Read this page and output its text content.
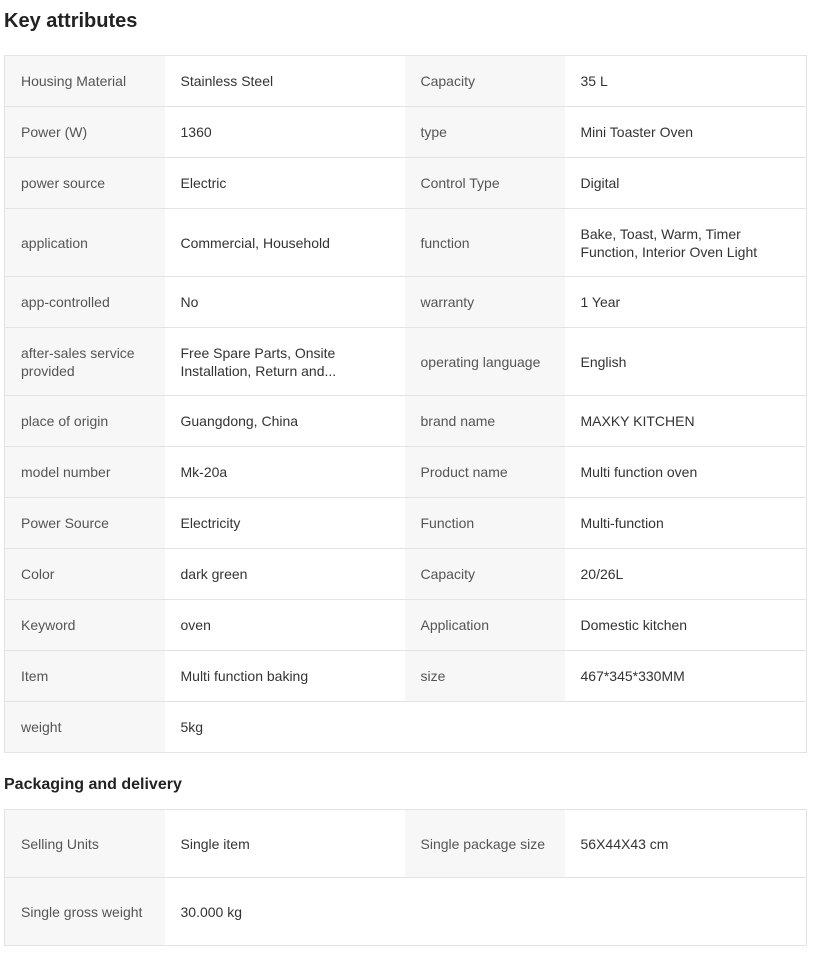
Key attributes
Housing Material	Stainless Steel	Capacity	35 L
Power (W)	1360	type	Mini Toaster Oven
power source	Electric	Control Type	Digital
application	Commercial, Household	function	Bake, Toast, Warm, Timer Function, Interior Oven Light
app-controlled	No	warranty	1 Year
after-sales service provided	Free Spare Parts, Onsite Installation, Return and...	operating language	English
place of origin	Guangdong, China	brand name	MAXKY KITCHEN
model number	Mk-20a	Product name	Multi function oven
Power Source	Electricity	Function	Multi-function
Color	dark green	Capacity	20/26L
Keyword	oven	Application	Domestic kitchen
Item	Multi function baking	size	467*345*330MM
weight	5kg		
Packaging and delivery
Selling Units	Single item	Single package size	56X44X43 cm
Single gross weight	30.000 kg		
